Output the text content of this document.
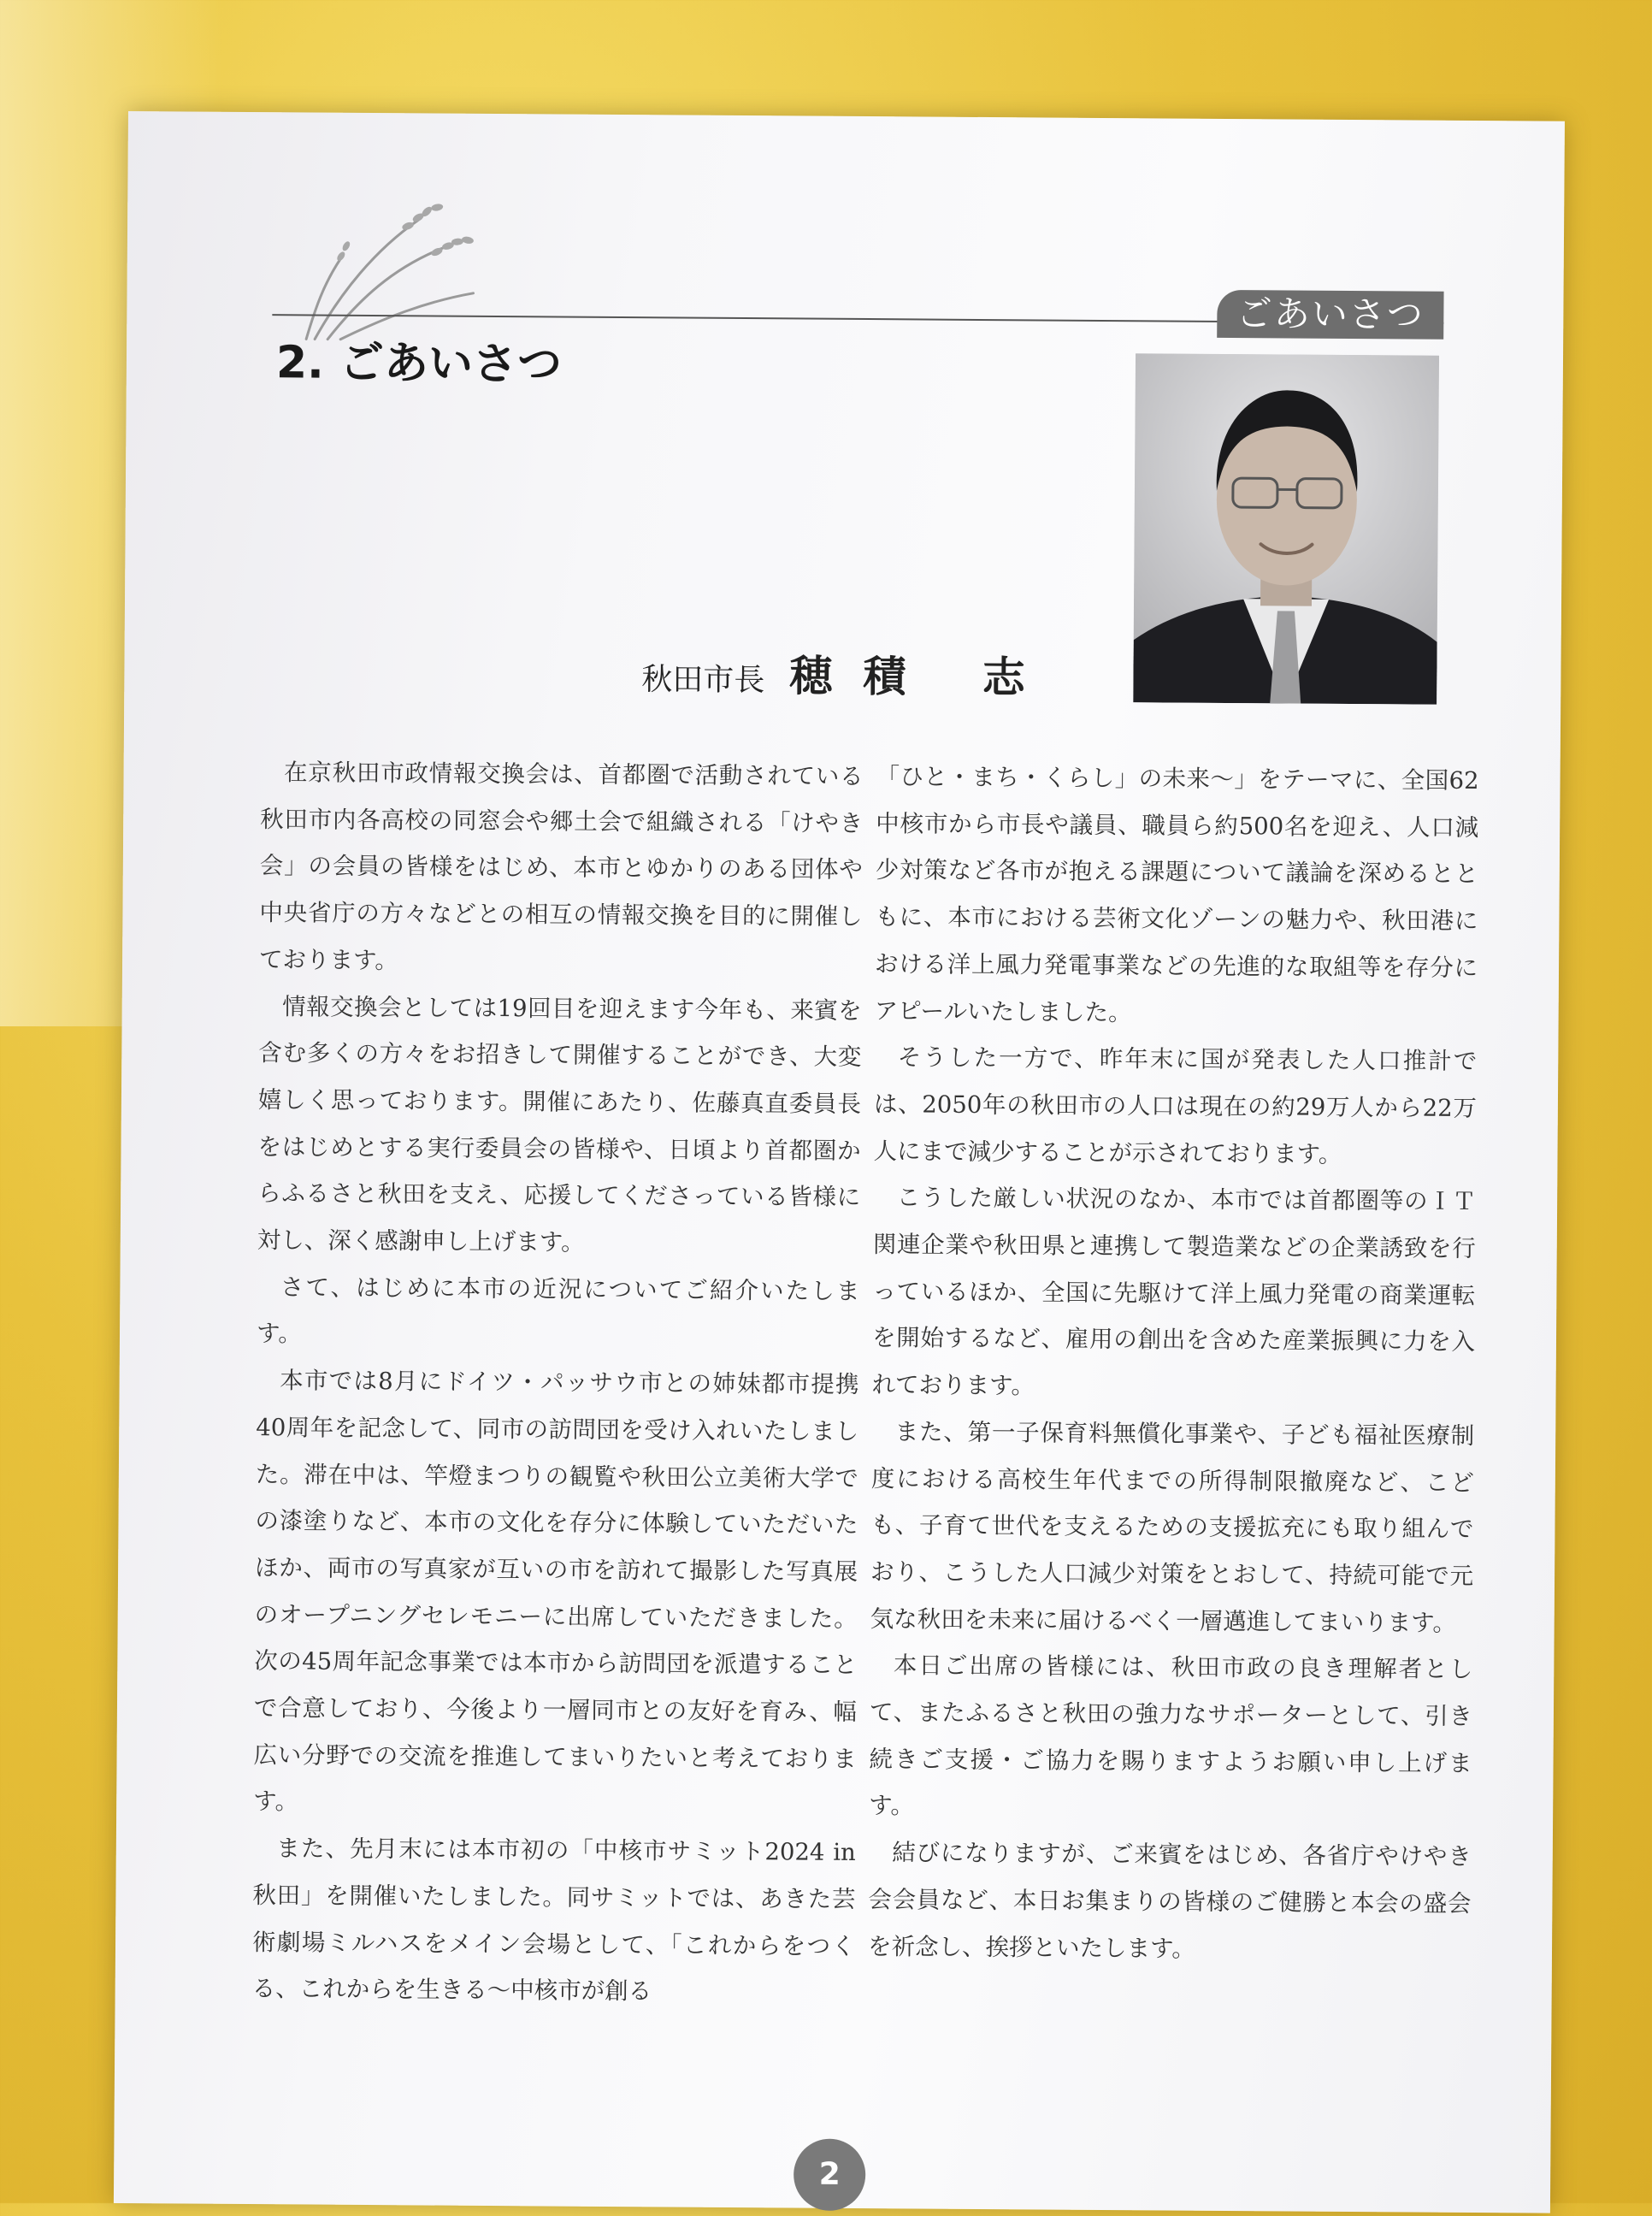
ごあいさつ
2. ごあいさつ
秋田市長 穂積 志

在京秋田市政情報交換会は、首都圏で活動されている秋田市内各高校の同窓会や郷土会で組織される「けやき会」の会員の皆様をはじめ、本市とゆかりのある団体や中央省庁の方々などとの相互の情報交換を目的に開催しております。

情報交換会としては19回目を迎えます今年も、来賓を含む多くの方々をお招きして開催することができ、大変嬉しく思っております。開催にあたり、佐藤真直委員長をはじめとする実行委員会の皆様や、日頃より首都圏からふるさと秋田を支え、応援してくださっている皆様に対し、深く感謝申し上げます。

さて、はじめに本市の近況についてご紹介いたします。

本市では8月にドイツ・パッサウ市との姉妹都市提携40周年を記念して、同市の訪問団を受け入れいたしました。滞在中は、竿燈まつりの観覧や秋田公立美術大学での漆塗りなど、本市の文化を存分に体験していただいたほか、両市の写真家が互いの市を訪れて撮影した写真展のオープニングセレモニーに出席していただきました。次の45周年記念事業では本市から訪問団を派遣することで合意しており、今後より一層同市との友好を育み、幅広い分野での交流を推進してまいりたいと考えております。

また、先月末には本市初の「中核市サミット2024 in 秋田」を開催いたしました。同サミットでは、あきた芸術劇場ミルハスをメイン会場として、「これからをつくる、これからを生きる～中核市が創る

「ひと・まち・くらし」の未来～」をテーマに、全国62中核市から市長や議員、職員ら約500名を迎え、人口減少対策など各市が抱える課題について議論を深めるとともに、本市における芸術文化ゾーンの魅力や、秋田港における洋上風力発電事業などの先進的な取組等を存分にアピールいたしました。

そうした一方で、昨年末に国が発表した人口推計では、2050年の秋田市の人口は現在の約29万人から22万人にまで減少することが示されております。

こうした厳しい状況のなか、本市では首都圏等のＩＴ関連企業や秋田県と連携して製造業などの企業誘致を行っているほか、全国に先駆けて洋上風力発電の商業運転を開始するなど、雇用の創出を含めた産業振興に力を入れております。

また、第一子保育料無償化事業や、子ども福祉医療制度における高校生年代までの所得制限撤廃など、こども、子育て世代を支えるための支援拡充にも取り組んでおり、こうした人口減少対策をとおして、持続可能で元気な秋田を未来に届けるべく一層邁進してまいります。

本日ご出席の皆様には、秋田市政の良き理解者として、またふるさと秋田の強力なサポーターとして、引き続きご支援・ご協力を賜りますようお願い申し上げます。

結びになりますが、ご来賓をはじめ、各省庁やけやき会会員など、本日お集まりの皆様のご健勝と本会の盛会を祈念し、挨拶といたします。

2
